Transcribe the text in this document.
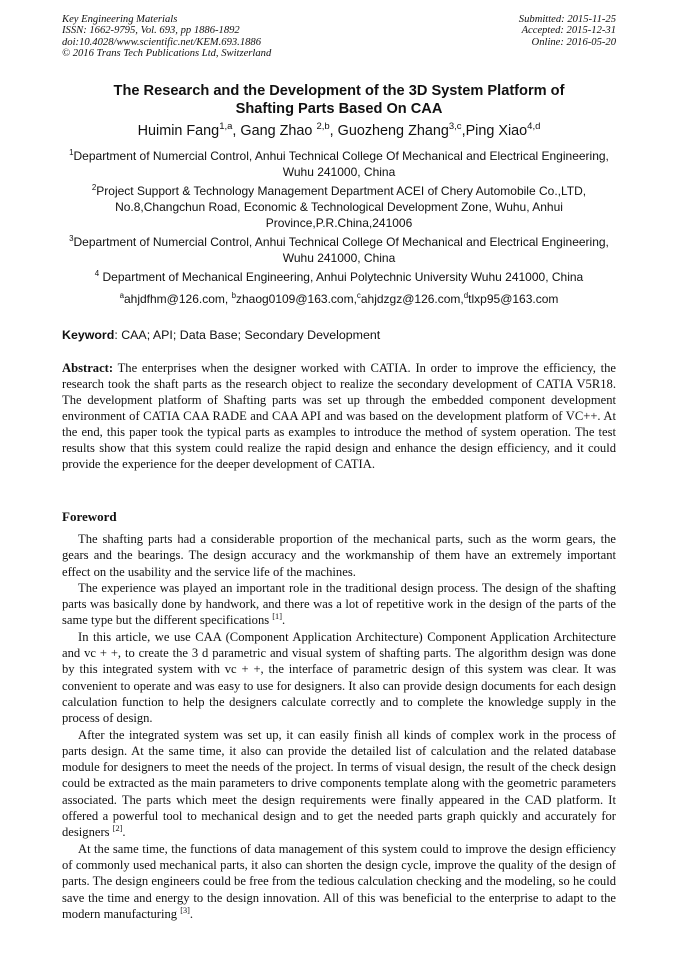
Key Engineering Materials
ISSN: 1662-9795, Vol. 693, pp 1886-1892
doi:10.4028/www.scientific.net/KEM.693.1886
© 2016 Trans Tech Publications Ltd, Switzerland
Submitted: 2015-11-25
Accepted: 2015-12-31
Online: 2016-05-20
The Research and the Development of the 3D System Platform of
Shafting Parts Based On CAA
Huimin Fang$^{1,a}$, Gang Zhao $^{2,b}$, Guozheng Zhang$^{3,c}$,Ping Xiao$^{4,d}$
$^1$Department of Numercial Control, Anhui Technical College Of Mechanical and Electrical Engineering, Wuhu 241000, China
$^2$Project Support & Technology Management Department ACEI of Chery Automobile Co.,LTD, No.8,Changchun Road, Economic & Technological Development Zone, Wuhu, Anhui Province,P.R.China,241006
$^3$Department of Numercial Control, Anhui Technical College Of Mechanical and Electrical Engineering, Wuhu 241000, China
$^4$ Department of Mechanical Engineering, Anhui Polytechnic University Wuhu 241000, China
$^a$ahjdfhm@126.com, $^b$zhaog0109@163.com,$^c$ahjdzgz@126.com,$^d$tlxp95@163.com
Keyword: CAA; API; Data Base; Secondary Development
Abstract: The enterprises when the designer worked with CATIA. In order to improve the efficiency, the research took the shaft parts as the research object to realize the secondary development of CATIA V5R18. The development platform of Shafting parts was set up through the embedded component development environment of CATIA CAA RADE and CAA API and was based on the development platform of VC++. At the end, this paper took the typical parts as examples to introduce the method of system operation. The test results show that this system could realize the rapid design and enhance the design efficiency, and it could provide the experience for the deeper development of CATIA.
Foreword

The shafting parts had a considerable proportion of the mechanical parts, such as the worm gears, the gears and the bearings. The design accuracy and the workmanship of them have an extremely important effect on the usability and the service life of the machines.

The experience was played an important role in the traditional design process. The design of the shafting parts was basically done by handwork, and there was a lot of repetitive work in the design of the parts of the same type but the different specifications [1].

In this article, we use CAA (Component Application Architecture) Component Application Architecture and vc + +, to create the 3 d parametric and visual system of shafting parts. The algorithm design was done by this integrated system with vc + +, the interface of parametric design of this system was clear. It was convenient to operate and was easy to use for designers. It also can provide design documents for each design calculation function to help the designers calculate correctly and to complete the knowledge supply in the process of design.

After the integrated system was set up, it can easily finish all kinds of complex work in the process of parts design. At the same time, it also can provide the detailed list of calculation and the related database module for designers to meet the needs of the project. In terms of visual design, the result of the check design could be extracted as the main parameters to drive components template along with the geometric parameters associated. The parts which meet the design requirements were finally appeared in the CAD platform. It offered a powerful tool to mechanical design and to get the needed parts graph quickly and accurately for designers [2].

At the same time, the functions of data management of this system could to improve the design efficiency of commonly used mechanical parts, it also can shorten the design cycle, improve the quality of the design of parts. The design engineers could be free from the tedious calculation checking and the modeling, so he could save the time and energy to the design innovation. All of this was beneficial to the enterprise to adapt to the modern manufacturing [3].
